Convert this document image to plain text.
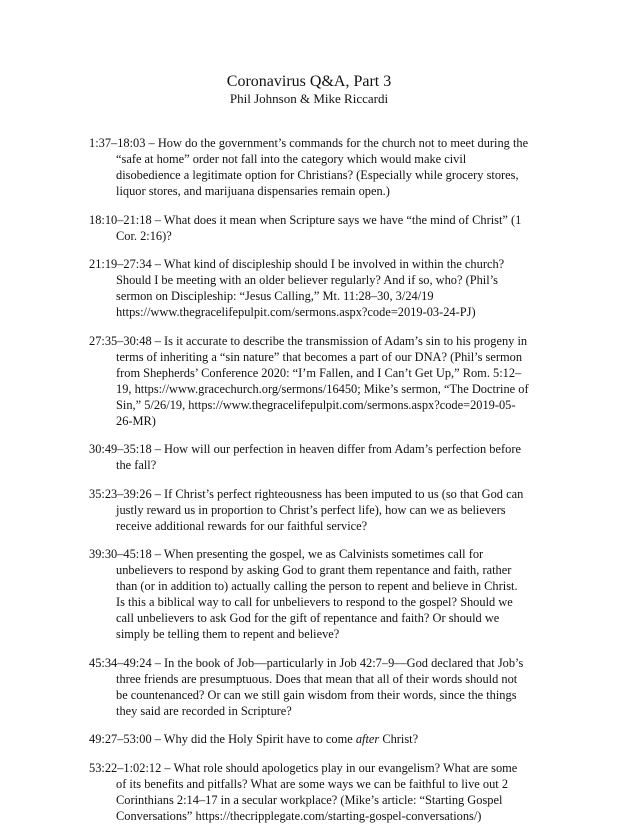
Coronavirus Q&A, Part 3
Phil Johnson & Mike Riccardi

1:37–18:03 – How do the government’s commands for the church not to meet during the “safe at home” order not fall into the category which would make civil disobedience a legitimate option for Christians? (Especially while grocery stores, liquor stores, and marijuana dispensaries remain open.)

18:10–21:18 – What does it mean when Scripture says we have “the mind of Christ” (1 Cor. 2:16)?

21:19–27:34 – What kind of discipleship should I be involved in within the church? Should I be meeting with an older believer regularly? And if so, who? (Phil’s sermon on Discipleship: “Jesus Calling,” Mt. 11:28–30, 3/24/19 https://www.thegracelifepulpit.com/sermons.aspx?code=2019-03-24-PJ)

27:35–30:48 – Is it accurate to describe the transmission of Adam’s sin to his progeny in terms of inheriting a “sin nature” that becomes a part of our DNA? (Phil’s sermon from Shepherds’ Conference 2020: “I’m Fallen, and I Can’t Get Up,” Rom. 5:12–19, https://www.gracechurch.org/sermons/16450; Mike’s sermon, “The Doctrine of Sin,” 5/26/19, https://www.thegracelifepulpit.com/sermons.aspx?code=2019-05-26-MR)

30:49–35:18 – How will our perfection in heaven differ from Adam’s perfection before the fall?

35:23–39:26 – If Christ’s perfect righteousness has been imputed to us (so that God can justly reward us in proportion to Christ’s perfect life), how can we as believers receive additional rewards for our faithful service?

39:30–45:18 – When presenting the gospel, we as Calvinists sometimes call for unbelievers to respond by asking God to grant them repentance and faith, rather than (or in addition to) actually calling the person to repent and believe in Christ. Is this a biblical way to call for unbelievers to respond to the gospel? Should we call unbelievers to ask God for the gift of repentance and faith? Or should we simply be telling them to repent and believe?

45:34–49:24 – In the book of Job—particularly in Job 42:7–9—God declared that Job’s three friends are presumptuous. Does that mean that all of their words should not be countenanced? Or can we still gain wisdom from their words, since the things they said are recorded in Scripture?

49:27–53:00 – Why did the Holy Spirit have to come after Christ?

53:22–1:02:12 – What role should apologetics play in our evangelism? What are some of its benefits and pitfalls? What are some ways we can be faithful to live out 2 Corinthians 2:14–17 in a secular workplace? (Mike’s article: “Starting Gospel Conversations” https://thecripplegate.com/starting-gospel-conversations/)
